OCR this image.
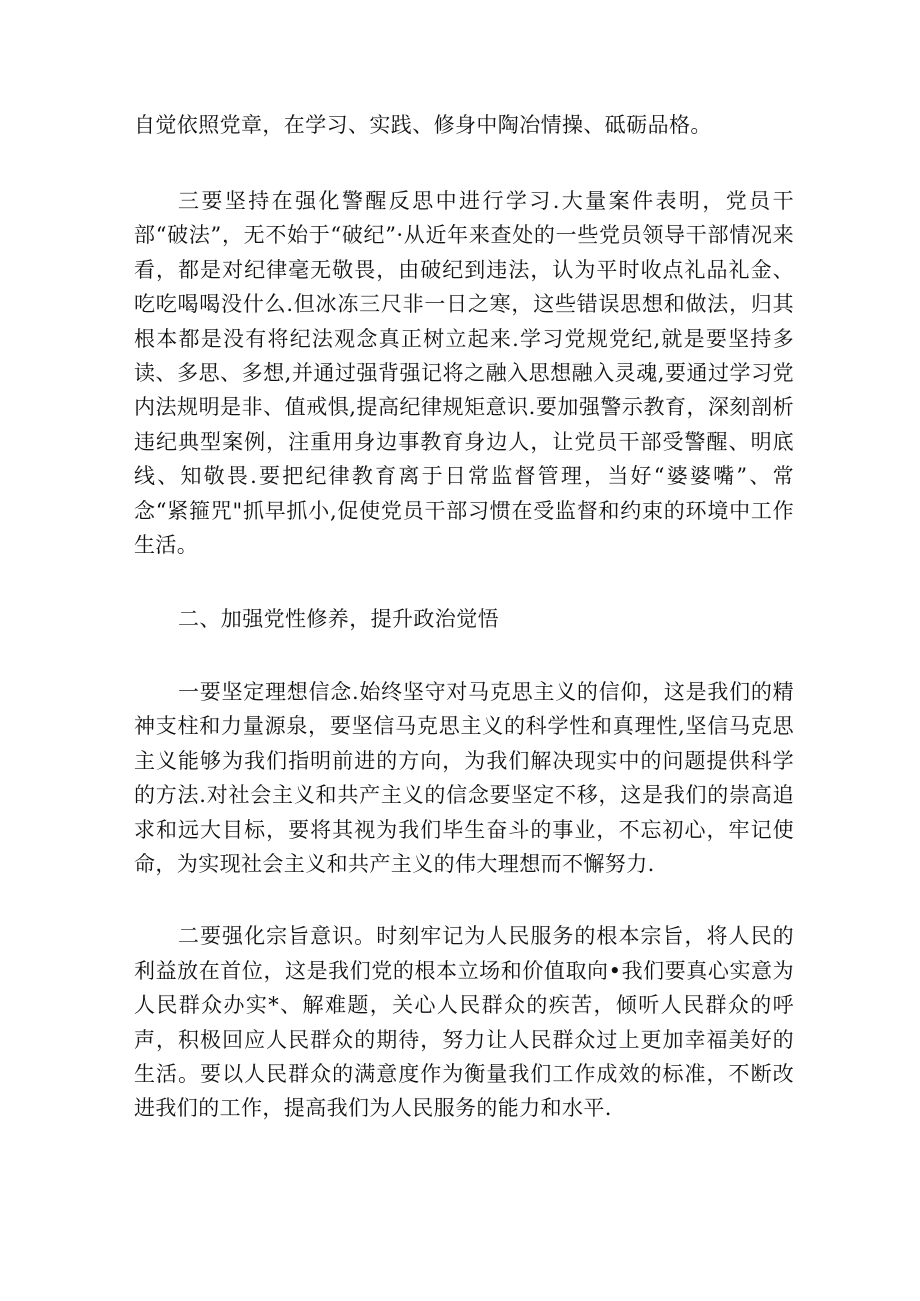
自觉依照党章，在学习、实践、修身中陶冶情操、砥砺品格。

三要坚持在强化警醒反思中进行学习.大量案件表明，党员干部“破法”，无不始于“破纪”·从近年来查处的一些党员领导干部情况来看，都是对纪律毫无敬畏，由破纪到违法，认为平时收点礼品礼金、吃吃喝喝没什么.但冰冻三尺非一日之寒，这些错误思想和做法，归其根本都是没有将纪法观念真正树立起来.学习党规党纪,就是要坚持多读、多思、多想,并通过强背强记将之融入思想融入灵魂,要通过学习党内法规明是非、值戒惧,提高纪律规矩意识.要加强警示教育，深刻剖析违纪典型案例，注重用身边事教育身边人，让党员干部受警醒、明底线、知敬畏.要把纪律教育离于日常监督管理，当好“婆婆嘴”、常念“紧箍咒"抓早抓小,促使党员干部习惯在受监督和约束的环境中工作生活。

二、加强党性修养，提升政治觉悟

一要坚定理想信念.始终坚守对马克思主义的信仰，这是我们的精神支柱和力量源泉，要坚信马克思主义的科学性和真理性,坚信马克思主义能够为我们指明前进的方向，为我们解决现实中的问题提供科学的方法.对社会主义和共产主义的信念要坚定不移，这是我们的崇高追求和远大目标，要将其视为我们毕生奋斗的事业，不忘初心，牢记使命，为实现社会主义和共产主义的伟大理想而不懈努力.

二要强化宗旨意识。时刻牢记为人民服务的根本宗旨，将人民的利益放在首位，这是我们党的根本立场和价值取向•我们要真心实意为人民群众办实*、解难题，关心人民群众的疾苦，倾听人民群众的呼声，积极回应人民群众的期待，努力让人民群众过上更加幸福美好的生活。要以人民群众的满意度作为衡量我们工作成效的标准，不断改进我们的工作，提高我们为人民服务的能力和水平.
